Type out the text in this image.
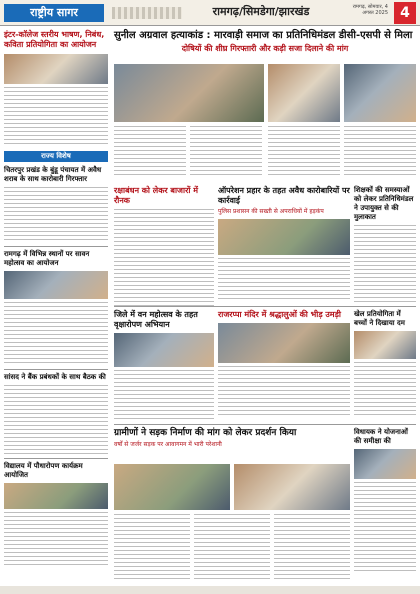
राष्ट्रीय सागर	रामगढ़/सिमडेगा/झारखंड	रामगढ़, सोमवार, 4 अगस्त 2025 4
इंटर-कॉलेज स्तरीय भाषण, निबंध, कविता प्रतियोगिता का आयोजन
राज्य विशेष
चितरपुर प्रखंड के बुंडू पंचायत में अवैध शराब के साथ कारोबारी गिरफ्तार
रामगढ़ में विभिन्न स्थानों पर सावन महोत्सव का आयोजन
सांसद ने बैंक प्रबंधकों के साथ बैठक की
विद्यालय में पौधारोपण कार्यक्रम आयोजित
सुनील अग्रवाल हत्याकांड : मारवाड़ी समाज का प्रतिनिधिमंडल डीसी-एसपी से मिला
दोषियों की शीघ्र गिरफ्तारी और कड़ी सजा दिलाने की मांग
रक्षाबंधन को लेकर बाजारों में रौनक
ऑपरेशन प्रहार के तहत अवैध कारोबारियों पर कार्रवाई
पुलिस प्रशासन की सख्ती से अपराधियों में हड़कंप
शिक्षकों की समस्याओं को लेकर प्रतिनिधिमंडल ने उपायुक्त से की मुलाकात
जिले में वन महोत्सव के तहत वृक्षारोपण अभियान
राजरप्पा मंदिर में श्रद्धालुओं की भीड़ उमड़ी	खेल प्रतियोगिता में बच्चों ने दिखाया दम
ग्रामीणों ने सड़क निर्माण की मांग को लेकर प्रदर्शन किया
वर्षों से जर्जर सड़क पर आवागमन में भारी परेशानी
विधायक ने योजनाओं की समीक्षा की
